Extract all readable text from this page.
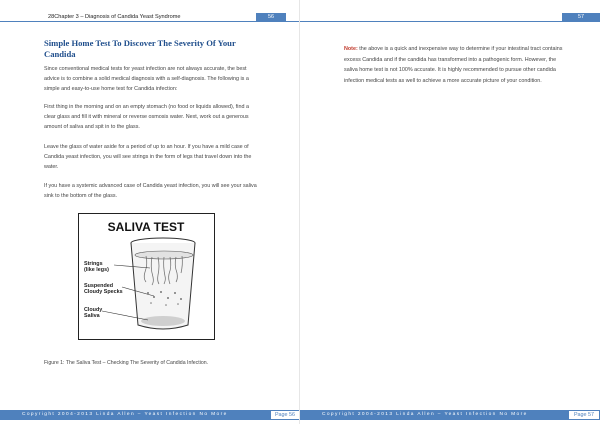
28Chapter 3 – Diagnosis of Candida Yeast Syndrome	56
Simple Home Test To Discover The Severity Of Your Candida

Since conventional medical tests for yeast infection are not always accurate, the best advice is to combine a solid medical diagnosis with a self-diagnosis. The following is a simple and easy-to-use home test for Candida infection:

First thing in the morning and on an empty stomach (no food or liquids allowed), find a clear glass and fill it with mineral or reverse osmosis water. Next, work out a generous amount of saliva and spit in to the glass.

Leave the glass of water aside for a period of up to an hour. If you have a mild case of Candida yeast infection, you will see strings in the form of legs that travel down into the water.

If you have a systemic advanced case of Candida yeast infection, you will see your saliva sink to the bottom of the glass.

SALIVA TEST
Strings
(like legs)
Suspended
Cloudy Specks
Cloudy
Saliva
Figure 1: The Saliva Test – Checking The Severity of Candida Infection.
Copyright 2004-2013 Linda Allen – Yeast Infection No More	Page 56
57

Note: the above is a quick and inexpensive way to determine if your intestinal tract contains excess Candida and if the candida has transformed into a pathogenic form. However, the saliva home test is not 100% accurate. It is highly recommended to pursue other candida infection medical tests as well to achieve a more accurate picture of your condition.

Copyright 2004-2013 Linda Allen – Yeast Infection No More	Page 57
